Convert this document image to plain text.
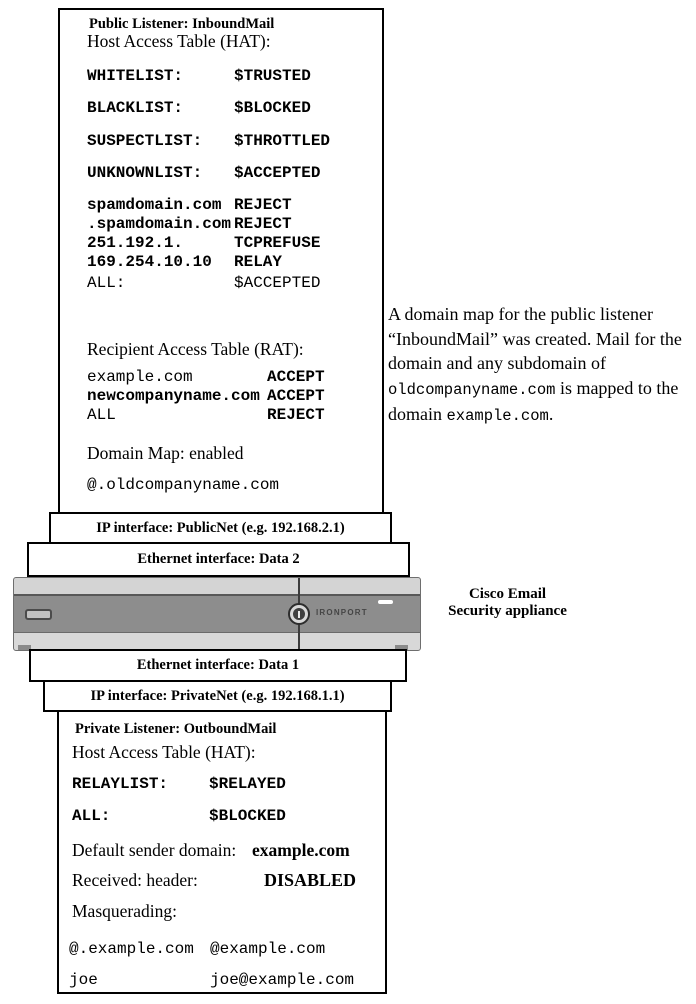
Public Listener: InboundMail
Host Access Table (HAT):
WHITELIST:	$TRUSTED
BLACKLIST:	$BLOCKED
SUSPECTLIST: $THROTTLED
UNKNOWNLIST: $ACCEPTED
spamdomain.com REJECT
.spamdomain.com REJECT
251.192.1.	TCPREFUSE
169.254.10.10 RELAY
ALL:	$ACCEPTED
Recipient Access Table (RAT):
example.com	ACCEPT
newcompanyname.com ACCEPT
ALL	REJECT
Domain Map: enabled
@.oldcompanyname.com
A domain map for the public listener “InboundMail” was created. Mail for the domain and any subdomain of oldcompanyname.com is mapped to the domain example.com.
IP interface: PublicNet (e.g. 192.168.2.1)
Ethernet interface: Data 2
IRONPORT
Cisco Email
Security appliance
Ethernet interface: Data 1
IP interface: PrivateNet (e.g. 192.168.1.1)
Private Listener: OutboundMail
Host Access Table (HAT):
RELAYLIST:	$RELAYED
ALL:	$BLOCKED
Default sender domain: example.com
Received: header:	DISABLED
Masquerading:
@.example.com @example.com
joe	joe@example.com
